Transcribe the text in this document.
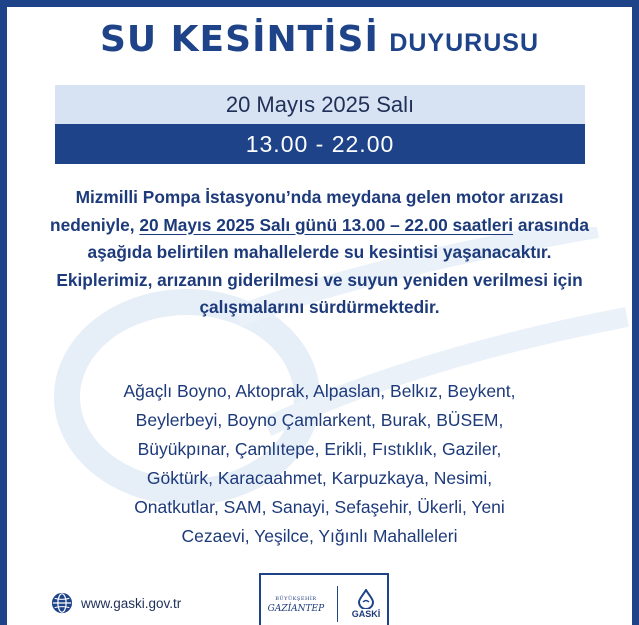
SU KESİNTİSİ DUYURUSU
20 Mayıs 2025 Salı
13.00 - 22.00
Mizmilli Pompa İstasyonu’nda meydana gelen motor arızası nedeniyle, 20 Mayıs 2025 Salı günü 13.00 – 22.00 saatleri arasında aşağıda belirtilen mahallelerde su kesintisi yaşanacaktır. Ekiplerimiz, arızanın giderilmesi ve suyun yeniden verilmesi için çalışmalarını sürdürmektedir.
Ağaçlı Boyno, Aktoprak, Alpaslan, Belkız, Beykent,
Beylerbeyi, Boyno Çamlarkent, Burak, BÜSEM,
Büyükpınar, Çamlıtepe, Erikli, Fıstıklık, Gaziler,
Göktürk, Karacaahmet, Karpuzkaya, Nesimi,
Onatkutlar, SAM, Sanayi, Sefaşehir, Ükerli, Yeni
Cezaevi, Yeşilce, Yığınlı Mahalleleri
www.gaski.gov.tr	BÜYÜKŞEHİR
GAZİANTEP	GASKİ
